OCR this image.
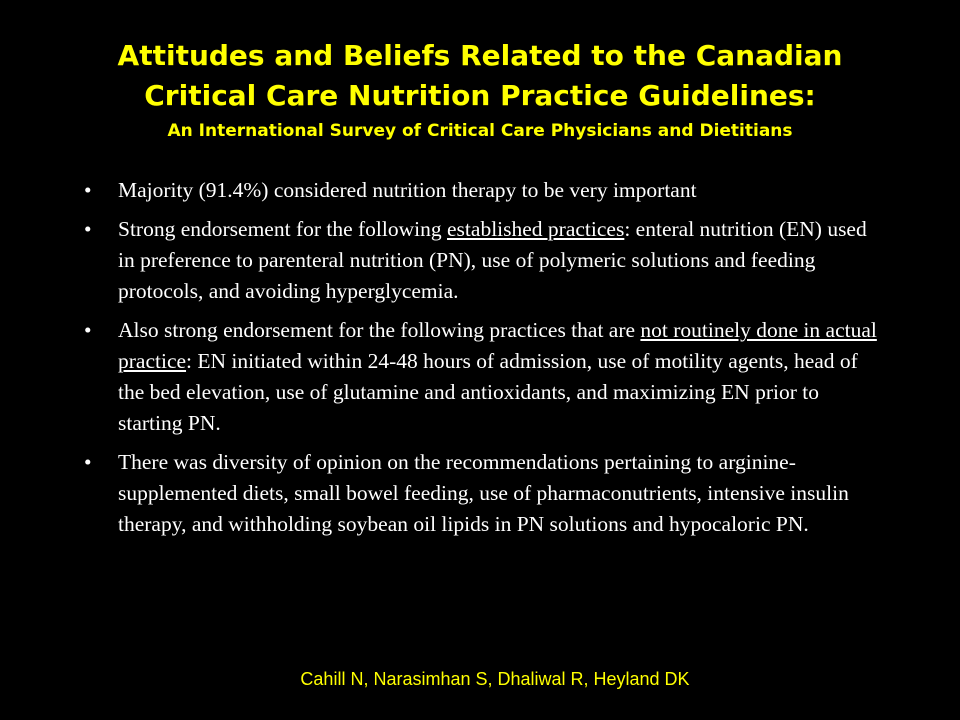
Attitudes and Beliefs Related to the Canadian
Critical Care Nutrition Practice Guidelines:
An International Survey of Critical Care Physicians and Dietitians
• Majority (91.4%) considered nutrition therapy to be very important
• Strong endorsement for the following established practices: enteral nutrition (EN) used in preference to parenteral nutrition (PN), use of polymeric solutions and feeding protocols, and avoiding hyperglycemia.
• Also strong endorsement for the following practices that are not routinely done in actual practice: EN initiated within 24-48 hours of admission, use of motility agents, head of the bed elevation, use of glutamine and antioxidants, and maximizing EN prior to starting PN.
• There was diversity of opinion on the recommendations pertaining to arginine-supplemented diets, small bowel feeding, use of pharmaconutrients, intensive insulin therapy, and withholding soybean oil lipids in PN solutions and hypocaloric PN.
Cahill N, Narasimhan S, Dhaliwal R, Heyland DK
